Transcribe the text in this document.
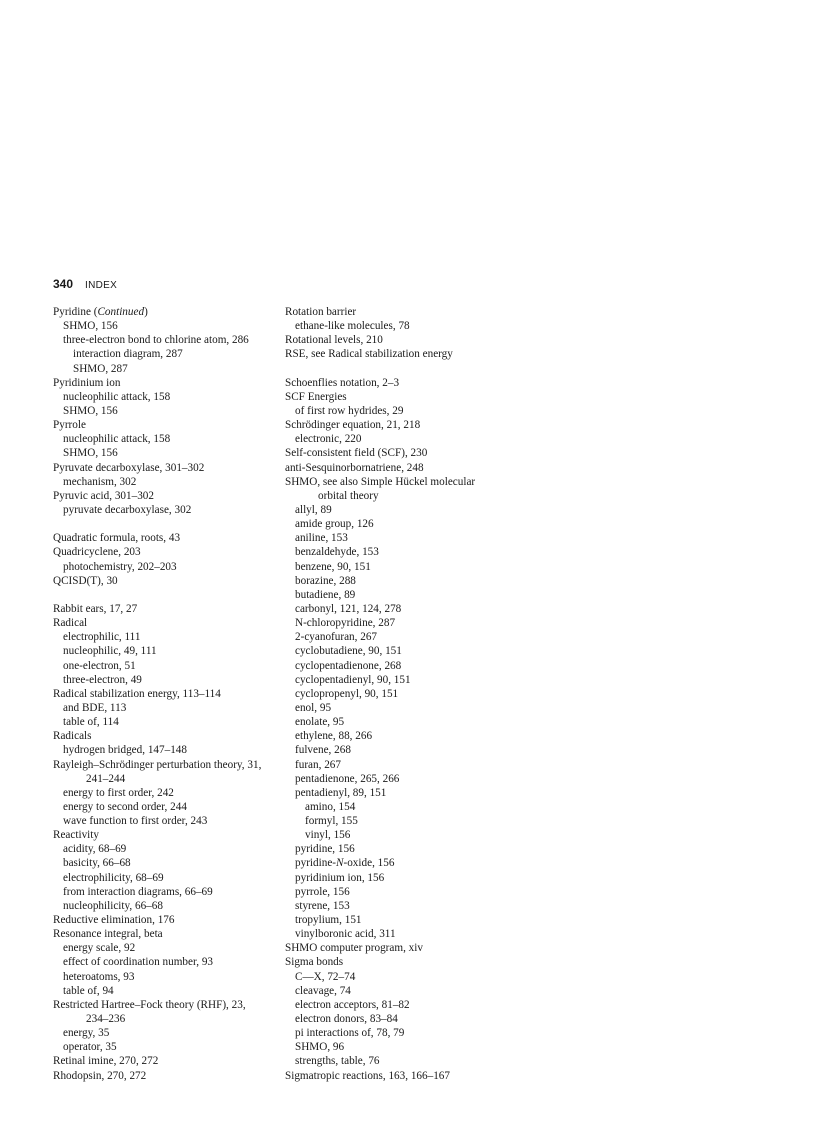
340 INDEX
Pyridine (Continued)
SHMO, 156
three-electron bond to chlorine atom, 286
interaction diagram, 287
SHMO, 287
Pyridinium ion
nucleophilic attack, 158
SHMO, 156
Pyrrole
nucleophilic attack, 158
SHMO, 156
Pyruvate decarboxylase, 301–302
mechanism, 302
Pyruvic acid, 301–302
pyruvate decarboxylase, 302
Quadratic formula, roots, 43
Quadricyclene, 203
photochemistry, 202–203
QCISD(T), 30
Rabbit ears, 17, 27
Radical
electrophilic, 111
nucleophilic, 49, 111
one-electron, 51
three-electron, 49
Radical stabilization energy, 113–114
and BDE, 113
table of, 114
Radicals
hydrogen bridged, 147–148
Rayleigh–Schrödinger perturbation theory, 31,
241–244
energy to first order, 242
energy to second order, 244
wave function to first order, 243
Reactivity
acidity, 68–69
basicity, 66–68
electrophilicity, 68–69
from interaction diagrams, 66–69
nucleophilicity, 66–68
Reductive elimination, 176
Resonance integral, beta
energy scale, 92
effect of coordination number, 93
heteroatoms, 93
table of, 94
Restricted Hartree–Fock theory (RHF), 23,
234–236
energy, 35
operator, 35
Retinal imine, 270, 272
Rhodopsin, 270, 272
Rotation barrier
ethane-like molecules, 78
Rotational levels, 210
RSE, see Radical stabilization energy
Schoenflies notation, 2–3
SCF Energies
of first row hydrides, 29
Schrödinger equation, 21, 218
electronic, 220
Self-consistent field (SCF), 230
anti-Sesquinorbornatriene, 248
SHMO, see also Simple Hückel molecular
orbital theory
allyl, 89
amide group, 126
aniline, 153
benzaldehyde, 153
benzene, 90, 151
borazine, 288
butadiene, 89
carbonyl, 121, 124, 278
N-chloropyridine, 287
2-cyanofuran, 267
cyclobutadiene, 90, 151
cyclopentadienone, 268
cyclopentadienyl, 90, 151
cyclopropenyl, 90, 151
enol, 95
enolate, 95
ethylene, 88, 266
fulvene, 268
furan, 267
pentadienone, 265, 266
pentadienyl, 89, 151
amino, 154
formyl, 155
vinyl, 156
pyridine, 156
pyridine-N-oxide, 156
pyridinium ion, 156
pyrrole, 156
styrene, 153
tropylium, 151
vinylboronic acid, 311
SHMO computer program, xiv
Sigma bonds
C—X, 72–74
cleavage, 74
electron acceptors, 81–82
electron donors, 83–84
pi interactions of, 78, 79
SHMO, 96
strengths, table, 76
Sigmatropic reactions, 163, 166–167
